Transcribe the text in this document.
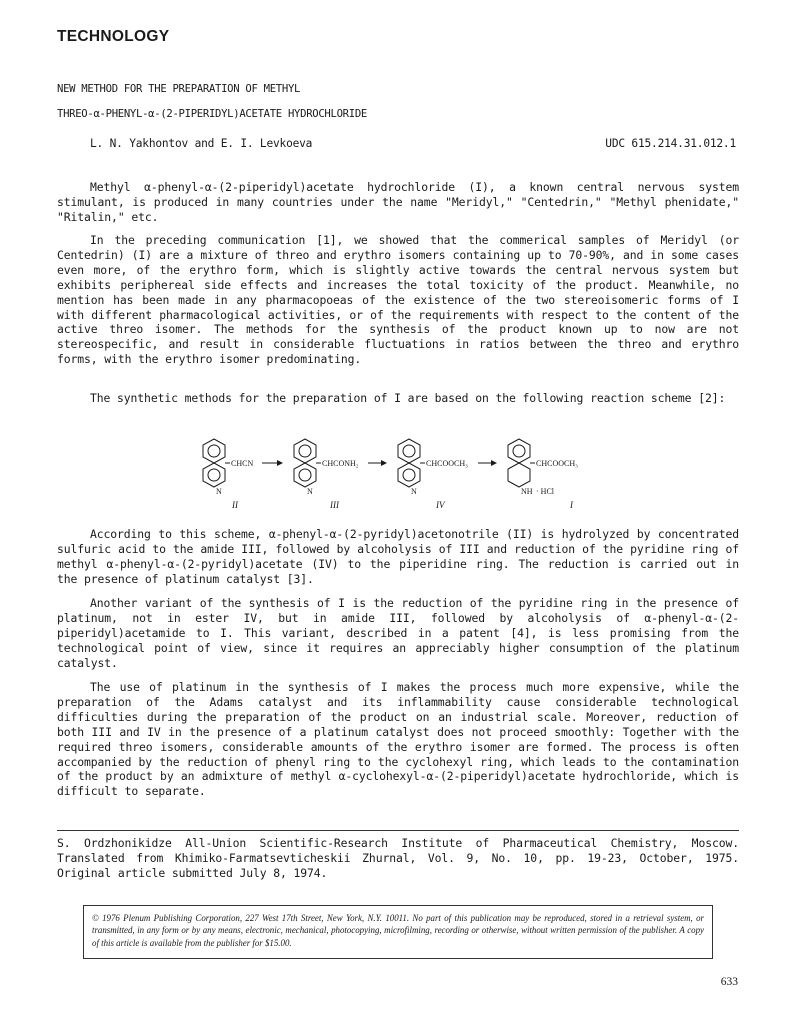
TECHNOLOGY
NEW METHOD FOR THE PREPARATION OF METHYL
THREO-α-PHENYL-α-(2-PIPERIDYL)ACETATE HYDROCHLORIDE
L. N. Yakhontov and E. I. Levkoeva	UDC 615.214.31.012.1

Methyl α-phenyl-α-(2-piperidyl)acetate hydrochloride (I), a known central nervous system stimulant, is produced in many countries under the name "Meridyl," "Centedrin," "Methyl phenidate," "Ritalin," etc.

In the preceding communication [1], we showed that the commerical samples of Meridyl (or Centedrin) (I) are a mixture of threo and erythro isomers containing up to 70-90%, and in some cases even more, of the erythro form, which is slightly active towards the central nervous system but exhibits peripherеal side effects and increases the total toxicity of the product. Meanwhile, no mention has been made in any pharmacopoeas of the existence of the two stereoisomeric forms of I with different pharmacological activities, or of the requirements with respect to the content of the active threo isomer. The methods for the synthesis of the product known up to now are not stereospecific, and result in considerable fluctuations in ratios between the threo and erythro forms, with the erythro isomer predominating.

The synthetic methods for the preparation of I are based on the following reaction scheme [2]:

CHCN
N
II
CHCONH₂
N
III
CHCOOCH₃
N
IV
CHCOOCH₃
NH · HCl
I

According to this scheme, α-phenyl-α-(2-pyridyl)acetonotrile (II) is hydrolyzed by concentrated sulfuric acid to the amide III, followed by alcoholysis of III and reduction of the pyridine ring of methyl α-phenyl-α-(2-pyridyl)acetate (IV) to the piperidine ring. The reduction is carried out in the presence of platinum catalyst [3].

Another variant of the synthesis of I is the reduction of the pyridine ring in the presence of platinum, not in ester IV, but in amide III, followed by alcoholysis of α-phenyl-α-(2-piperidyl)acetamide to I. This variant, described in a patent [4], is less promising from the technological point of view, since it requires an appreciably higher consumption of the platinum catalyst.

The use of platinum in the synthesis of I makes the process much more expensive, while the preparation of the Adams catalyst and its inflammability cause considerable technological difficulties during the preparation of the product on an industrial scale. Moreover, reduction of both III and IV in the presence of a platinum catalyst does not proceed smoothly: Together with the required threo isomers, considerable amounts of the erythro isomer are formed. The process is often accompanied by the reduction of phenyl ring to the cyclohexyl ring, which leads to the contamination of the product by an admixture of methyl α-cyclohexyl-α-(2-piperidyl)acetate hydrochloride, which is difficult to separate.

S. Ordzhonikidze All-Union Scientific-Research Institute of Pharmaceutical Chemistry, Moscow. Translated from Khimiko-Farmatsevticheskii Zhurnal, Vol. 9, No. 10, pp. 19-23, October, 1975. Original article submitted July 8, 1974.

© 1976 Plenum Publishing Corporation, 227 West 17th Street, New York, N.Y. 10011. No part of this publication may be reproduced, stored in a retrieval system, or transmitted, in any form or by any means, electronic, mechanical, photocopying, microfilming, recording or otherwise, without written permission of the publisher. A copy of this article is available from the publisher for $15.00.

633
